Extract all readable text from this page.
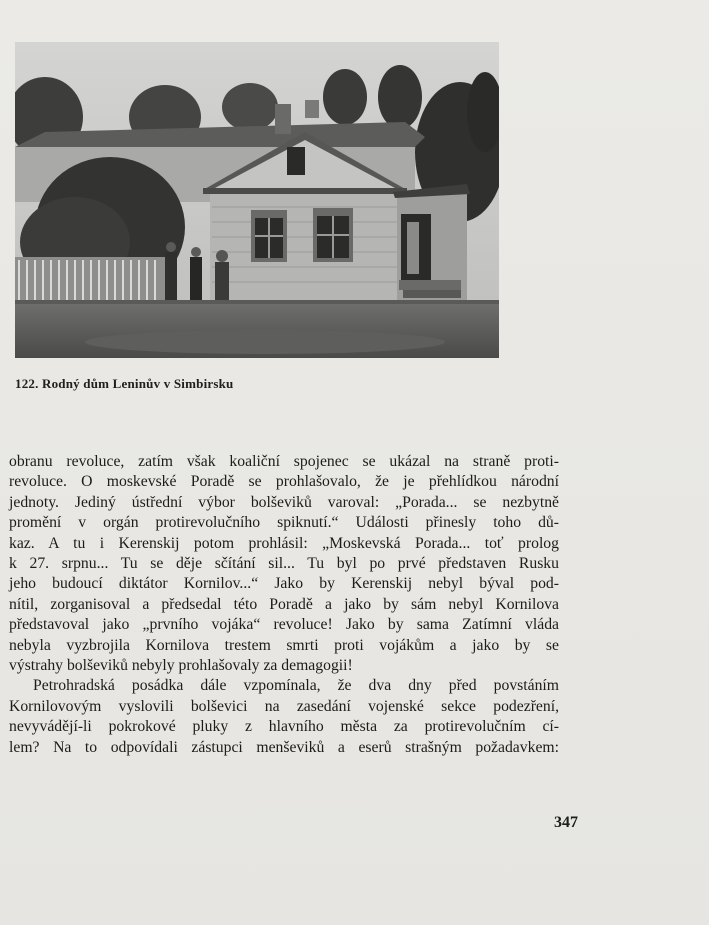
122. Rodný dům Leninův v Simbirsku
obranu revoluce, zatím však koaliční spojenec se ukázal na straně proti-
revoluce. O moskevské Poradě se prohlašovalo, že je přehlídkou národní
jednoty. Jediný ústřední výbor bolševiků varoval: „Porada... se nezbytně
promění v orgán protirevolučního spiknutí.“ Události přinesly toho dů-
kaz. A tu i Kerenskij potom prohlásil: „Moskevská Porada... toť prolog
k 27. srpnu... Tu se děje sčítání sil... Tu byl po prvé představen Rusku
jeho budoucí diktátor Kornilov...“ Jako by Kerenskij nebyl býval pod-
nítil, zorganisoval a předsedal této Poradě a jako by sám nebyl Kornilova
představoval jako „prvního vojáka“ revoluce! Jako by sama Zatímní vláda
nebyla vyzbrojila Kornilova trestem smrti proti vojákům a jako by se
výstrahy bolševiků nebyly prohlašovaly za demagogii!
Petrohradská posádka dále vzpomínala, že dva dny před povstáním
Kornilovovým vyslovili bolševici na zasedání vojenské sekce podezření,
nevyvádějí-li pokrokové pluky z hlavního města za protirevolučním cí-
lem? Na to odpovídali zástupci menševiků a eserů strašným požadavkem:
347
